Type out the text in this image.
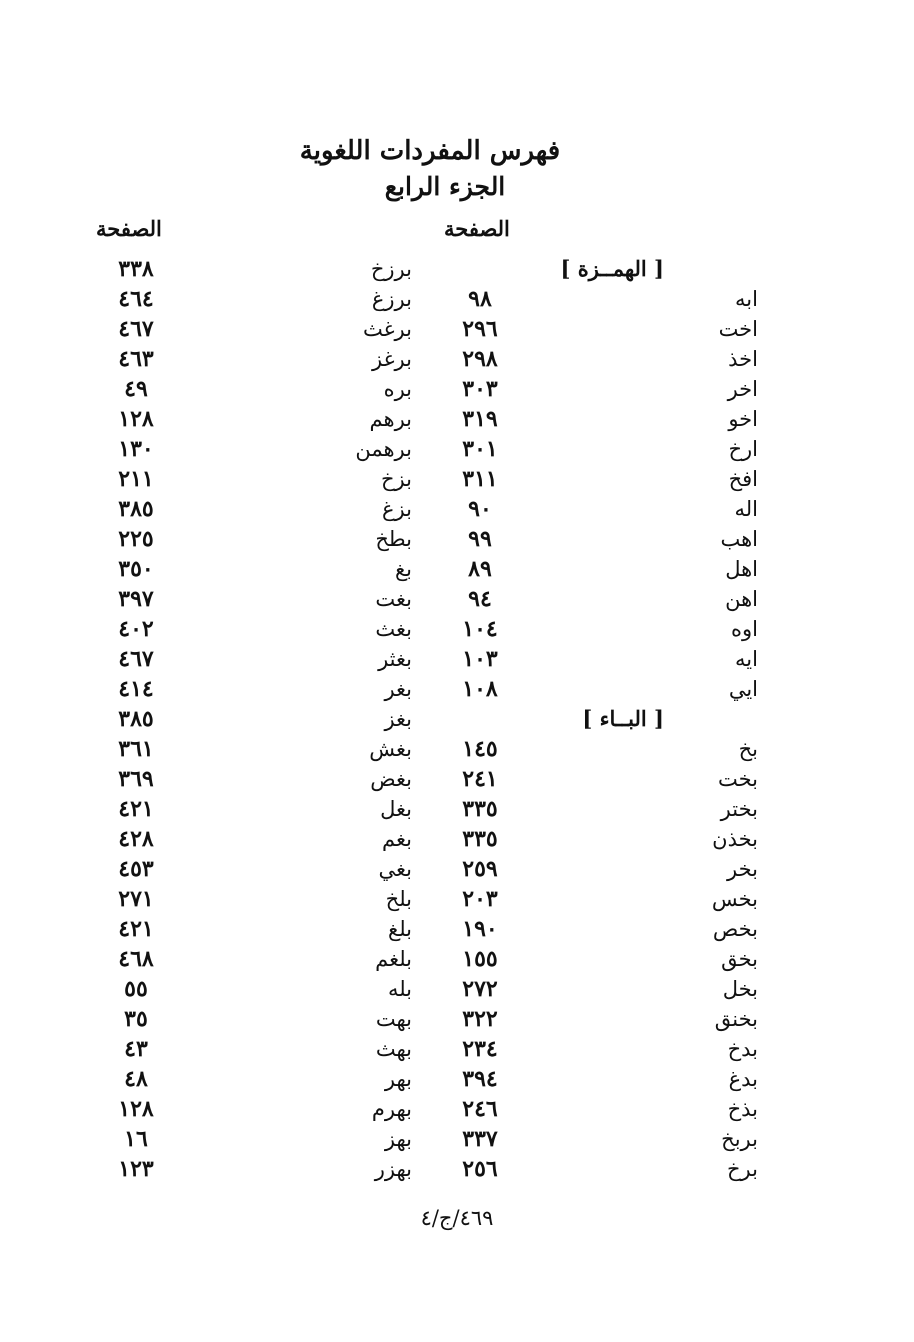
فهرس المفردات اللغوية
الجزء الرابع
الصفحة	الصفحة
[ الهمــزة ]
ابه
اخت
اخذ
اخر
اخو
ارخ
افخ
اله
اهب
اهل
اهن
اوه
ايه
ايي
[ البــاء ]
بخ
بخت
بختر
بخذن
بخر
بخس
بخص
بخق
بخل
بخنق
بدخ
بدغ
بذخ
بربخ
برخ
٩٨
٢٩٦
٢٩٨
٣٠٣
٣١٩
٣٠١
٣١١
٩٠
٩٩
٨٩
٩٤
١٠٤
١٠٣
١٠٨
١٤٥
٢٤١
٣٣٥
٣٣٥
٢٥٩
٢٠٣
١٩٠
١٥٥
٢٧٢
٣٢٢
٢٣٤
٣٩٤
٢٤٦
٣٣٧
٢٥٦
برزخ
برزغ
برغث
برغز
بره
برهم
برهمن
بزخ
بزغ
بطخ
بغ
بغت
بغث
بغثر
بغر
بغز
بغش
بغض
بغل
بغم
بغي
بلخ
بلغ
بلغم
بله
بهت
بهث
بهر
بهرم
بهز
بهزر
٣٣٨
٤٦٤
٤٦٧
٤٦٣
٤٩
١٢٨
١٣٠
٢١١
٣٨٥
٢٢٥
٣٥٠
٣٩٧
٤٠٢
٤٦٧
٤١٤
٣٨٥
٣٦١
٣٦٩
٤٢١
٤٢٨
٤٥٣
٢٧١
٤٢١
٤٦٨
٥٥
٣٥
٤٣
٤٨
١٢٨
١٦
١٢٣
٤٦٩/ج/٤
